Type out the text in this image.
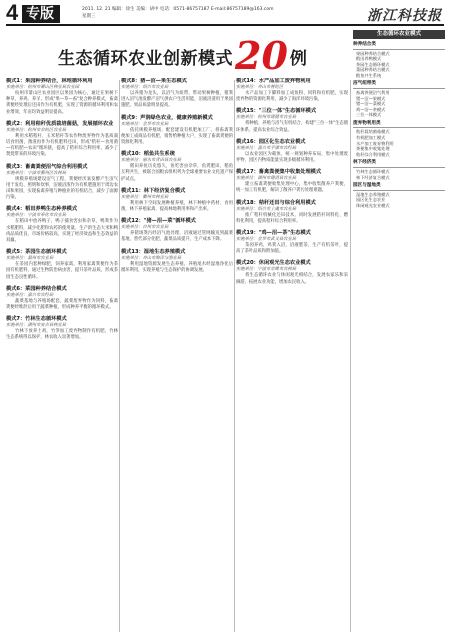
4 专版	2011. 12. 21 编辑：徐生 美编：胡中 电话：0571-86757187 E-mail:86757189@163.com
星期三	浙江科技报
生态循环农业创新模式 20 例
模式1：果园种养结合，林地循环利用
实施单位：杭州市萧山区林业局农业园
杭州市萧山区农业园区以果园为核心，通过在果树下种草、养鸡、养羊，形成"果—草—畜"复合种养模式，畜禽粪便经处理后还田作为有机肥，实现了资源的循环利用和农业增效，年亩均效益明显提高。
模式2：利用秸秆优质栽培菌菇，发展循环农业
实施单位：杭州市余杭区农业局
利用水稻秸秆、玉米秸秆等农作物废弃物作为基质栽培食用菌，菌渣再作为有机肥料还田，形成"秸秆—食用菌—有机肥—农田"循环链，提高了秸秆综合利用率，减少了焚烧带来的环境污染。
模式3：畜禽粪便沼气综合利用模式
实施单位：宁波市鄞州区农林局
规模养殖场建设沼气工程，粪便经厌氧发酵产生沼气用于发电、照明和炊事，沼液沼渣作为有机肥施用于周边农田和果园，实现畜禽养殖与种植业的有机结合，减少了面源污染。
模式4：稻田养鸭生态种养模式
实施单位：宁波市奉化市农业局
在稻田中放养鸭子，鸭子捕食害虫和杂草，鸭粪作为水稻肥料，减少化肥和农药的使用量，生产的生态大米和鸭肉品质优良，市场价格较高，实现了经济效益和生态效益的双赢。
模式5：茶园生态循环模式
实施单位：温州市农业局
在茶园内套种绿肥，饲养家禽，利用家禽粪便作为茶园有机肥料，通过生物防治病虫害，提升茶叶品质，形成茶园生态良性循环。
模式6：菜园种养结合模式
实施单位：嘉兴市农经局
蔬菜基地与养殖场配套，蔬菜废弃物作为饲料，畜禽粪便经堆沤后用于蔬菜种植，形成种养平衡的循环模式。
模式7：竹林生态循环模式
实施单位：湖州市安吉县林业局
竹林下放养土鸡，竹笋加工废弃物制作有机肥，竹林生态系统得以保护，林农收入显著增加。
模式8：猪—沼—果生态模式
实施单位：绍兴市农业局
以养猪为龙头，以沼气为纽带，带动果树种植，猪粪进入沼气池发酵产沼气供农户生活用能，沼液沼渣用于果园施肥，果品质量明显提高。
模式9：声润绿色农业，健康养殖新模式
实施单位：金华市农业局
依托规模养殖场，配套建设有机肥加工厂，将畜禽粪便加工成商品有机肥，销售给种植大户，实现了畜禽粪便的资源化利用。
模式10：稻鱼共生系统
实施单位：丽水市青田县农业局
稻田养鱼历史悠久，鱼吃害虫杂草，鱼粪肥田，稻鱼互利共生，被联合国粮农组织列为全球重要农业文化遗产保护试点。
模式11：林下经济复合模式
实施单位：衢州市林业局
利用林下空间发展种植养殖，林下种植中药材、食用菌，林下养殖家禽，提高林地利用率和产出率。
模式12："猪—沼—菜"循环模式
实施单位：台州市农业局
养猪场粪污经沼气池处理，沼液通过管网输送到蔬菜基地，替代部分化肥，蔬菜品质提升，生产成本下降。
模式13：湿地生态养殖模式
实施单位：舟山市海洋与渔业局
利用湿地资源发展生态养殖，养殖尾水经湿地净化后循环利用，实现养殖与生态保护的协调发展。
模式14：水产品加工废弃物利用
实施单位：舟山市普陀区
水产品加工下脚料加工成鱼粉、饲料和有机肥，实现废弃物的资源化利用，减少了海洋环境污染。
模式15："三位一体"生态循环模式
实施单位：杭州市建德市农业局
将种植、养殖与沼气有机结合，构建"三位一体"生态循环体系，提高农业综合效益。
模式16：园区化生态农业模式
实施单位：嘉兴市平湖市农经局
以农业园区为载体，统一规划种养布局，集中处理废弃物，园区内物质能量实现多级循环利用。
模式17：畜禽粪便集中收集处理模式
实施单位：湖州市德清县农业局
建立畜禽粪便收集处理中心，集中收集散养户粪便，统一加工有机肥，解决了散养户粪污处理难题。
模式18：秸秆还田与综合利用模式
实施单位：绍兴市上虞市农业局
推广秸秆机械化还田技术，同时发展秸秆饲料化、燃料化利用，提高秸秆综合利用率。
模式19："鸡—沼—茶"生态模式
实施单位：金华市武义县农业局
茶园养鸡，鸡粪入沼，沼液肥茶，生产有机茶叶，提高了茶叶品质和附加值。
模式20：休闲观光生态农业模式
实施单位：宁波市余姚市农林局
将生态循环农业与休闲观光相结合，发展农家乐和采摘游，拓展农业功能，增加农民收入。
生态循环农业模式
种养结合类
果园种养结合模式
稻田养鸭模式
茶园生态循环模式
菜园种养结合模式
稻鱼共生系统
沼气纽带类
畜禽粪便沼气利用
猪—沼—果模式
猪—沼—菜模式
鸡—沼—茶模式
三位一体模式
废弃物利用类
秸秆栽培菌菇模式
有机肥加工模式
水产加工废弃物利用
粪便集中收集处理
秸秆综合利用模式
林下经济类
竹林生态循环模式
林下经济复合模式
园区与湿地类
湿地生态养殖模式
园区化生态农业
休闲观光农业模式
